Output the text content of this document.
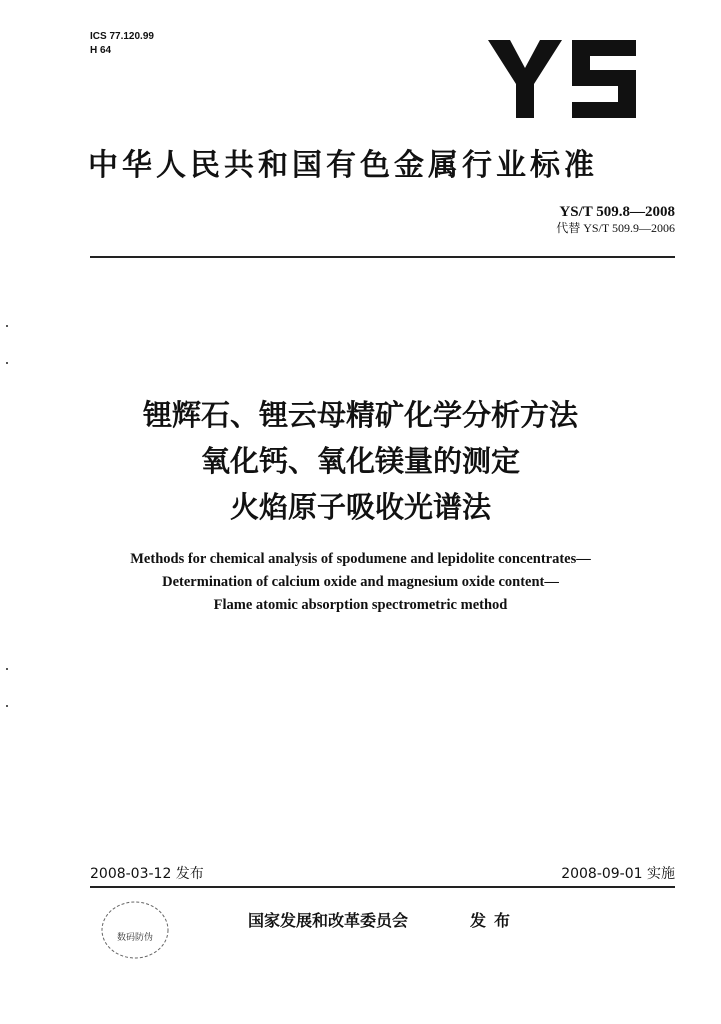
ICS 77.120.99
H 64
中华人民共和国有色金属行业标准
YS/T 509.8—2008
代替 YS/T 509.9—2006
锂辉石、锂云母精矿化学分析方法
氧化钙、氧化镁量的测定
火焰原子吸收光谱法
Methods for chemical analysis of spodumene and lepidolite concentrates—
Determination of calcium oxide and magnesium oxide content—
Flame atomic absorption spectrometric method
2008-03-12 发布	2008-09-01 实施
数码防伪
国家发展和改革委员会	发布
